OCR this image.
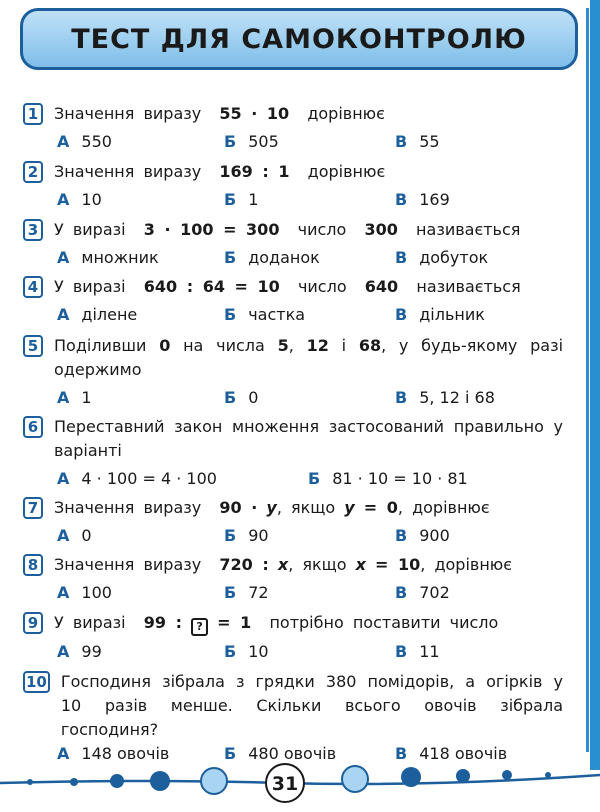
ТЕСТ ДЛЯ САМОКОНТРОЛЮ
1 Значення виразу 55 · 10 дорівнює
А 550	Б 505	В 55
2 Значення виразу 169 : 1 дорівнює
А 10	Б 1	В 169
3 У виразі 3 · 100 = 300 число 300 називається
А множник	Б доданок	В добуток
4 У виразі 640 : 64 = 10 число 640 називається
А ділене	Б частка	В дільник
5 Поділивши 0 на числа 5, 12 і 68, у будь-якому разі одержимо
А 1	Б 0	В 5, 12 і 68
6 Переставний закон множення застосований правильно у варіанті
А 4 · 100 = 4 · 100	Б 81 · 10 = 10 · 81
7 Значення виразу 90 · y, якщо y = 0, дорівнює
А 0	Б 90	В 900
8 Значення виразу 720 : x, якщо x = 10, дорівнює
А 100	Б 72	В 702
9 У виразі 99 : ? = 1 потрібно поставити число
А 99	Б 10	В 11
10 Господиня зібрала з грядки 380 помідорів, а огірків у 10 разів менше. Скільки всього овочів зібрала господиня?
А 148 овочів	Б 480 овочів	В 418 овочів
31
